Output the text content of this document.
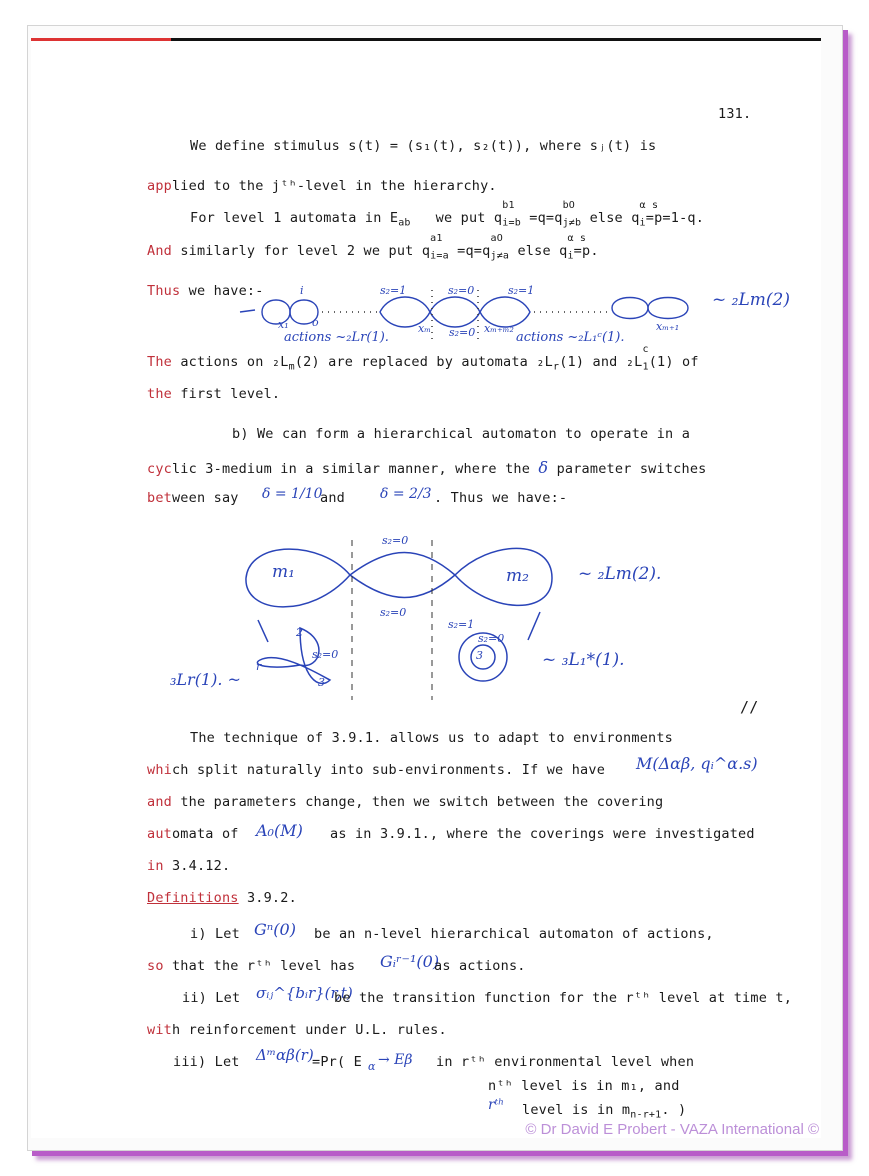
131.
We define stimulus s(t) = (s₁(t), s₂(t)), where sⱼ(t) is
applied to the jᵗʰ-level in the hierarchy.
For level 1 automata in $E_{ab}$ we put q
b1
$_{i=b}$ =q=q
bO
$_{j\ne b}$ else q
α s
$_i$=p=1-q.
And similarly for level 2 we put q
a1
$_{i=a}$ =q=q
aO
$_{j\ne a}$ else q
α s
$_i$=p.
Thus we have:-	s₂=1	s₂=0
s₂=0
s₂=1
xₘ	xₘ₊ₘ₂	xₘ₊₁
x₁
i
o
actions ~₂Lr(1).	actions ~₂L₁ᶜ(1).
~ ₂Lm(2)
The actions on $_2L_m(2)$ are replaced by automata $_2L_r(1)$ and ₂L
c
$_1$(1) of
the first level.
b) We can form a hierarchical automaton to operate in a
cyclic 3-medium in a similar manner, where the δ parameter switches
between say δ = 1/10
and	δ = 2/3 . Thus we have:-
m₁	m₂
s₂=0
s₂=0
s₂=1
s₂=0
s₂=0	3
r
2
3
~ ₂Lm(2).
₃Lr(1). ~
~ ₃L₁*(1).
//
The technique of 3.9.1. allows us to adapt to environments
which split naturally into sub-environments. If we have M(Δαβ, qᵢ^α.s)
and the parameters change, then we switch between the covering
automata of A₀(M) as in 3.9.1., where the coverings were investigated
in 3.4.12.
Definitions 3.9.2.
i) Let Gⁿ(0) be an n-level hierarchical automaton of actions,
so that the rᵗʰ level has Gᵢʳ⁻¹(0)
as actions.
ii) Let σᵢⱼ^{bᵢr}(r,t)
be the transition function for the rᵗʰ level at time t,
with reinforcement under U.L. rules.
iii) Let Δᵐαβ(r)
=Pr( E α → Eβ in rᵗʰ environmental level when
nᵗʰ level is in m₁, and
rᵗʰ level is in $m_{n-r+1}$. )
© Dr David E Probert - VAZA International ©
